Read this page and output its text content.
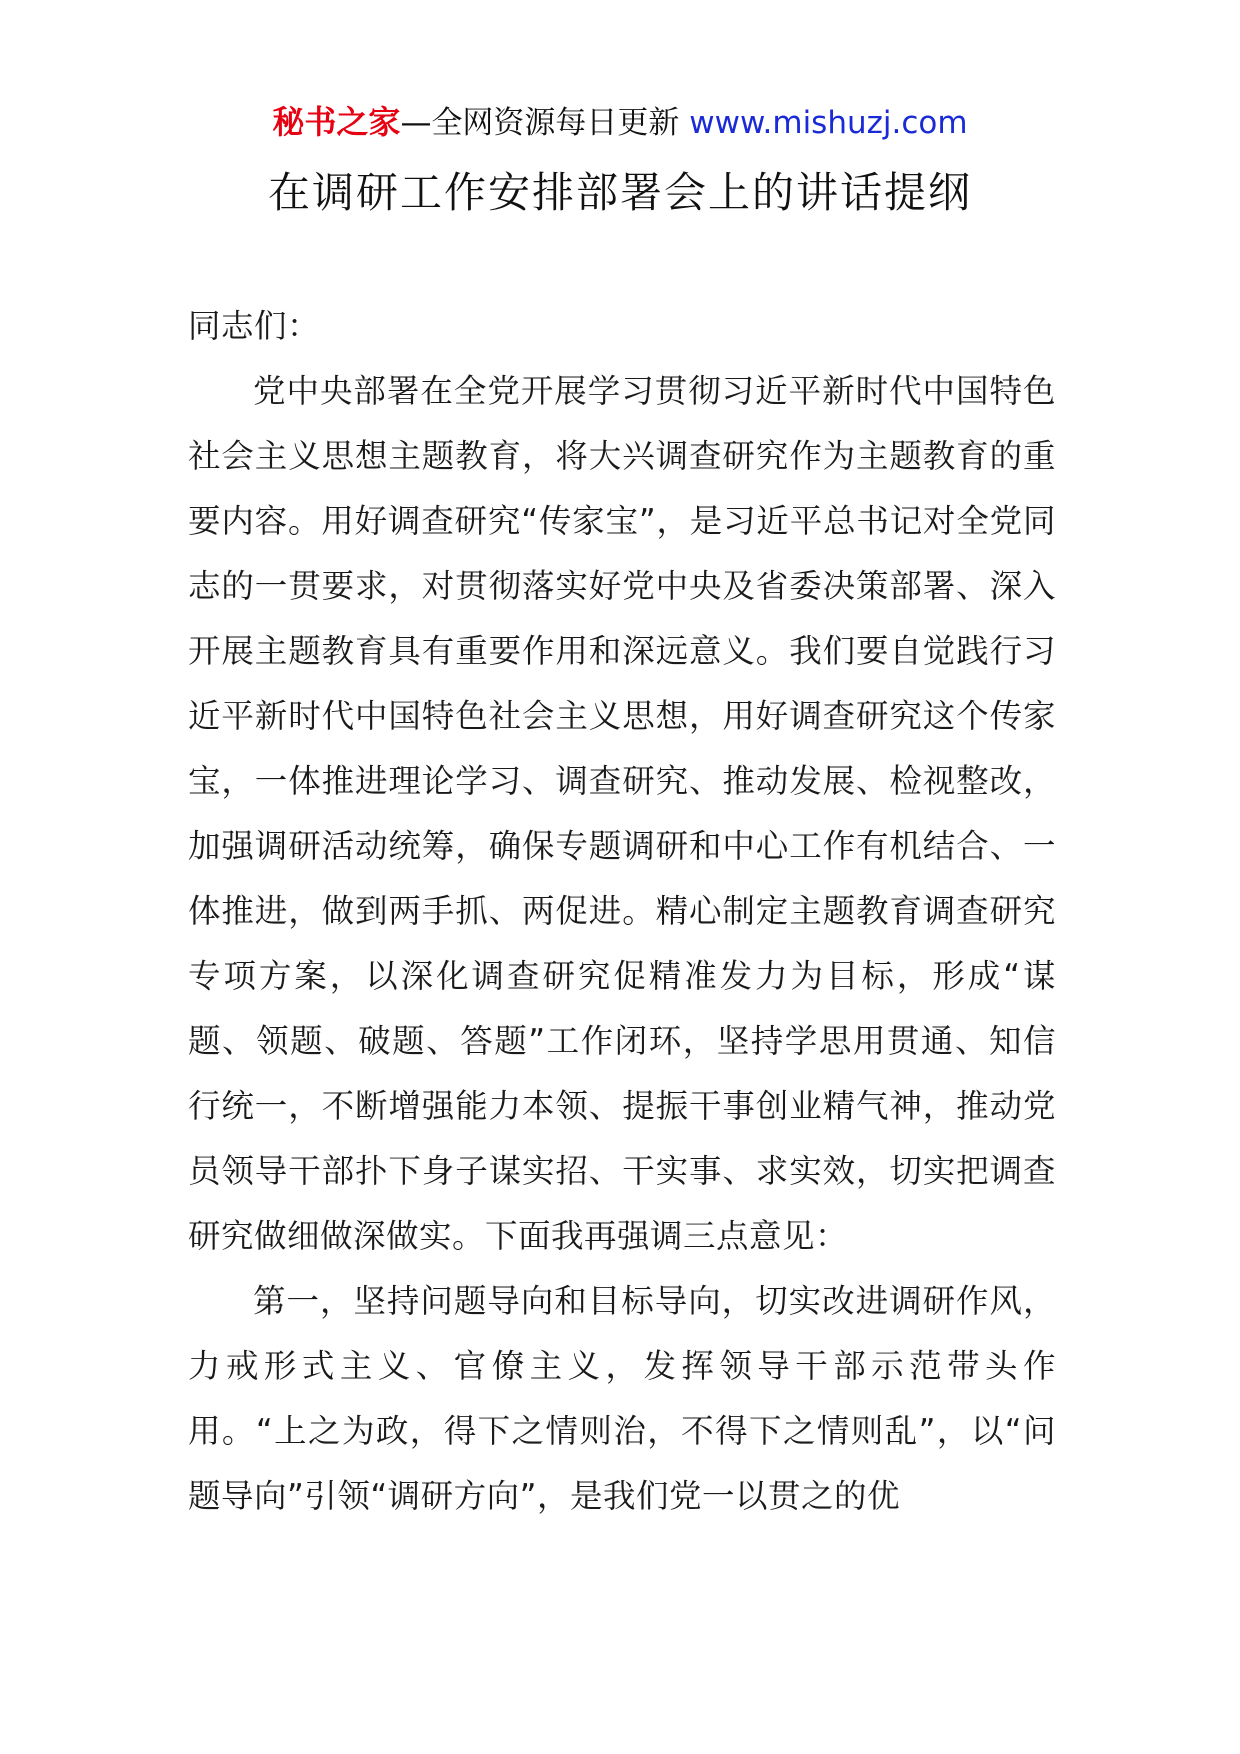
秘书之家—全网资源每日更新 www.mishuzj.com
在调研工作安排部署会上的讲话提纲

同志们：

党中央部署在全党开展学习贯彻习近平新时代中国特色社会主义思想主题教育，将大兴调查研究作为主题教育的重要内容。用好调查研究“传家宝”，是习近平总书记对全党同志的一贯要求，对贯彻落实好党中央及省委决策部署、深入开展主题教育具有重要作用和深远意义。我们要自觉践行习近平新时代中国特色社会主义思想，用好调查研究这个传家宝，一体推进理论学习、调查研究、推动发展、检视整改，加强调研活动统筹，确保专题调研和中心工作有机结合、一体推进，做到两手抓、两促进。精心制定主题教育调查研究专项方案，以深化调查研究促精准发力为目标，形成“谋题、领题、破题、答题”工作闭环，坚持学思用贯通、知信行统一，不断增强能力本领、提振干事创业精气神，推动党员领导干部扑下身子谋实招、干实事、求实效，切实把调查研究做细做深做实。下面我再强调三点意见：

第一，坚持问题导向和目标导向，切实改进调研作风，力戒形式主义、官僚主义，发挥领导干部示范带头作用。“上之为政，得下之情则治，不得下之情则乱”，以“问题导向”引领“调研方向”，是我们党一以贯之的优
